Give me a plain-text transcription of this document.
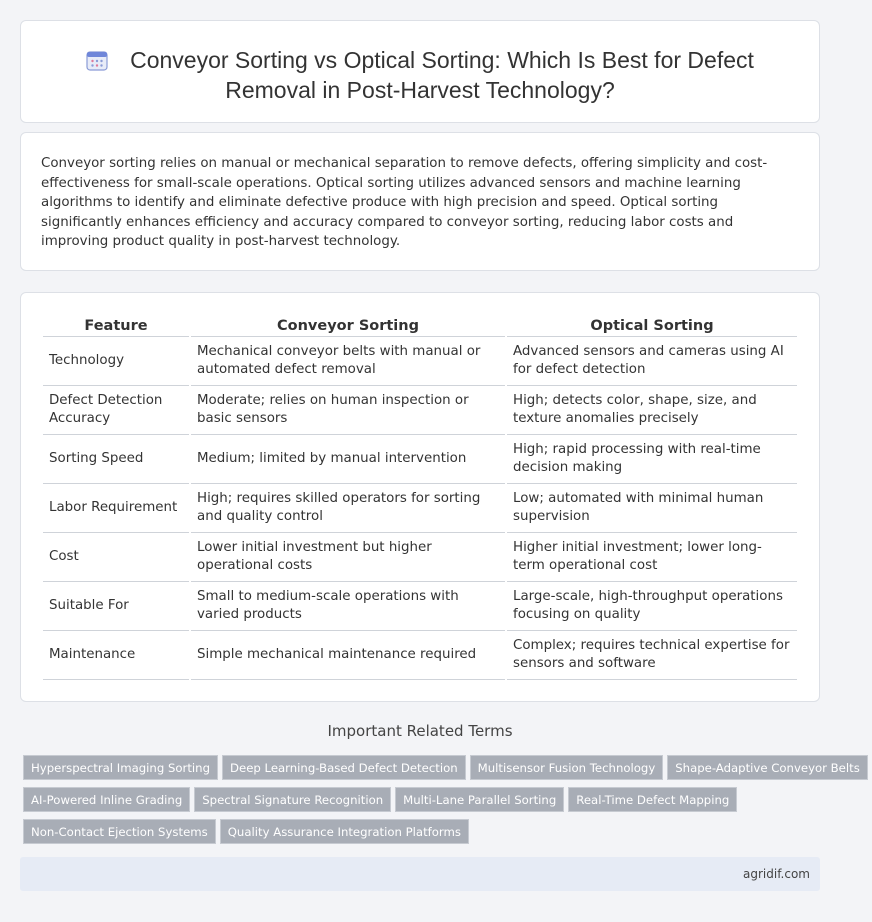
Conveyor Sorting vs Optical Sorting: Which Is Best for Defect Removal in Post-Harvest Technology?

Conveyor sorting relies on manual or mechanical separation to remove defects, offering simplicity and cost-effectiveness for small-scale operations. Optical sorting utilizes advanced sensors and machine learning algorithms to identify and eliminate defective produce with high precision and speed. Optical sorting significantly enhances efficiency and accuracy compared to conveyor sorting, reducing labor costs and improving product quality in post-harvest technology.

Feature	Conveyor Sorting	Optical Sorting
Technology	Mechanical conveyor belts with manual or automated defect removal	Advanced sensors and cameras using AI for defect detection
Defect Detection Accuracy	Moderate; relies on human inspection or basic sensors	High; detects color, shape, size, and texture anomalies precisely
Sorting Speed	Medium; limited by manual intervention	High; rapid processing with real-time decision making
Labor Requirement	High; requires skilled operators for sorting and quality control	Low; automated with minimal human supervision
Cost	Lower initial investment but higher operational costs	Higher initial investment; lower long-term operational cost
Suitable For	Small to medium-scale operations with varied products	Large-scale, high-throughput operations focusing on quality
Maintenance	Simple mechanical maintenance required	Complex; requires technical expertise for sensors and software
Important Related Terms
Hyperspectral Imaging Sorting Deep Learning-Based Defect Detection Multisensor Fusion Technology Shape-Adaptive Conveyor Belts
AI-Powered Inline Grading Spectral Signature Recognition Multi-Lane Parallel Sorting Real-Time Defect Mapping
Non-Contact Ejection Systems Quality Assurance Integration Platforms
agridif.com
